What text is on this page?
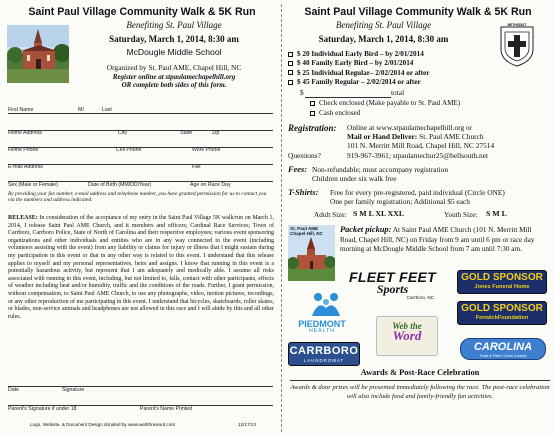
Saint Paul Village Community Walk & 5K Run
Benefiting St. Paul Village
Saturday, March 1, 2014, 8:30 am
McDougle Middle School
Organized by St. Paul AME, Chapel Hill, NC
Register online at stpaulamechapelhill.org
OR complete both sides of this form.
First Name	MI	Last
Home Address	City	State	Zip
Home Phone	Cell Phone	Work Phone
E-mail Address	Fax
Sex (Male or Female)	Date of Birth (MM/DD/Year)	Age on Race Day
By providing your fax number, e-mail address and telephone number, you have granted permission for us to contact you via the numbers and address indicated.
RELEASE: In consideration of the acceptance of my entry in the Saint Paul Village 5K walk/run on March 1, 2014, I release Saint Paul AME Church, and it members and officers; Cardinal Race Services; Town of Carrboro, Carrboro Police, State of North of Carolina and their respective employees; various event sponsoring organizations and other individuals and entities who are in any way connected to the event (including volunteers assisting with the event) from any liability or claims for injury or illness that I might sustain during my participation in this event or that in any other way is related to this event. I understand that this release applies to myself and my personal representatives, heirs and assigns. I know that running in this event is a potentially hazardous activity, but represent that I am adequately and medically able. I assume all risks associated with running in this event, including, but not limited to, falls, contact with other participants, effects of weather including heat and/or humidity, traffic and the conditions of the roads. Further, I grant permission, without compensation, to Saint Paul AME Church, to use any photographs, video, motion pictures, recordings, or any other reproduction of me participating in this event. I understand that bicycles, skateboards, roller skates, or blades, non-service animals and headphones are not allowed in this race and I will abide by this and all other rules.
Date	Signature
Parent's Signature if under 18	Parent's Name Printed
Logo, Website, & Document Design donated by www.webthreword.com	12/17/13
Saint Paul Village Community Walk & 5K Run
Benefiting St. Paul Village
Saturday, March 1, 2014, 8:30 am
METHODIST
$ 20 Individual Early Bird – by 2/01/2014
$ 40 Family Early Bird – by 2/01/2014
$ 25 Individual Regular– 2/02/2014 or after
$ 45 Family Regular – 2/02/2014 or after
$	total
Check enclosed (Make payable to St. Paul AME)
Cash enclosed
Registration: Online at www.stpaulamechapelhill.org or
Mail or Hand Deliver: St. Paul AME Church
101 N. Merritt Mill Road, Chapel Hill, NC 27514
Questions?	919-967-3961; stpaulamechur25@bellsouth.net
Fees: Non-refundable; must accompany registration
Children under six walk free
T-Shirts: Free for every pre-registered, paid individual (Circle ONE)
One per family registration; Additional $5 each
Adult Size: S M L XL XXL	Youth Size: S M L
St. Paul AME
Chapel Hill, NC	Packet pickup: At Saint Paul AME Church (101 N. Merritt Mill Road, Chapel Hill, NC) on Friday from 9 am until 6 pm or race day morning at McDougle Middle School from 7 am until 7:30 am.
FLEET FEET
Sports
Carrboro, NC
GOLD SPONSOR
Jones Funeral Home
GOLD SPONSOR
FenwickFoundation
PIEDMONT
HEALTH
Web the
Word
CARRBORO
LAUNDROMAT
CAROLINA
Track & Field / Cross Country
Awards & Post-Race Celebration
Awards & door prizes will be presented immediately following the race. The post-race celebration will also include food and family-friendly fun activities.
